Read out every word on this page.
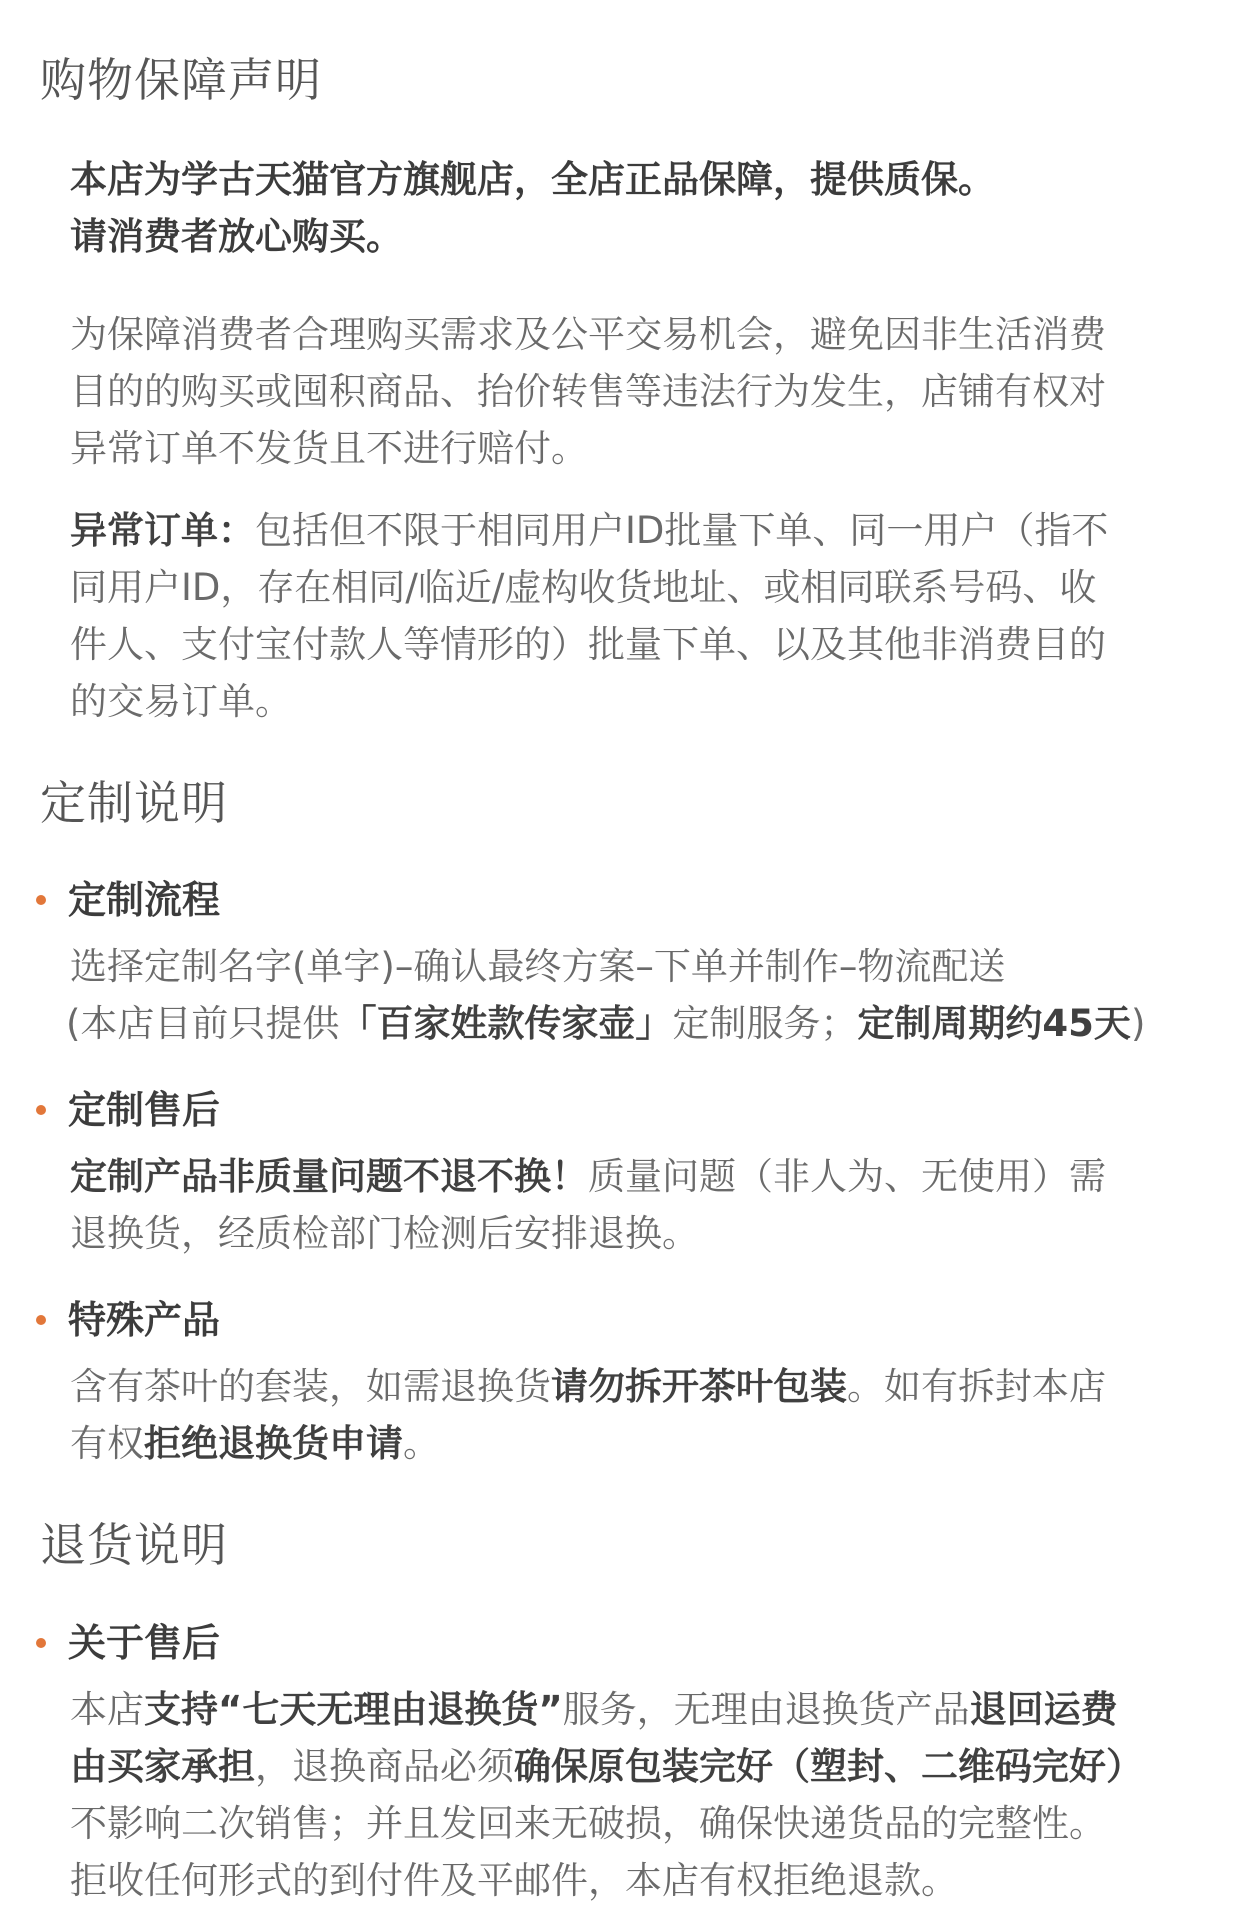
购物保障声明
本店为学古天猫官方旗舰店，全店正品保障，提供质保。
请消费者放心购买。
为保障消费者合理购买需求及公平交易机会，避免因非生活消费
目的的购买或囤积商品、抬价转售等违法行为发生，店铺有权对
异常订单不发货且不进行赔付。
异常订单：包括但不限于相同用户ID批量下单、同一用户（指不
同用户ID，存在相同/临近/虚构收货地址、或相同联系号码、收
件人、支付宝付款人等情形的）批量下单、以及其他非消费目的
的交易订单。
定制说明
定制流程
选择定制名字(单字)–确认最终方案–下单并制作–物流配送
(本店目前只提供「百家姓款传家壶」定制服务；定制周期约45天)
定制售后
定制产品非质量问题不退不换！质量问题（非人为、无使用）需
退换货，经质检部门检测后安排退换。
特殊产品
含有茶叶的套装，如需退换货请勿拆开茶叶包装。如有拆封本店
有权拒绝退换货申请。
退货说明
关于售后
本店支持“七天无理由退换货”服务，无理由退换货产品退回运费
由买家承担，退换商品必须确保原包装完好（塑封、二维码完好）
不影响二次销售；并且发回来无破损，确保快递货品的完整性。
拒收任何形式的到付件及平邮件，本店有权拒绝退款。
